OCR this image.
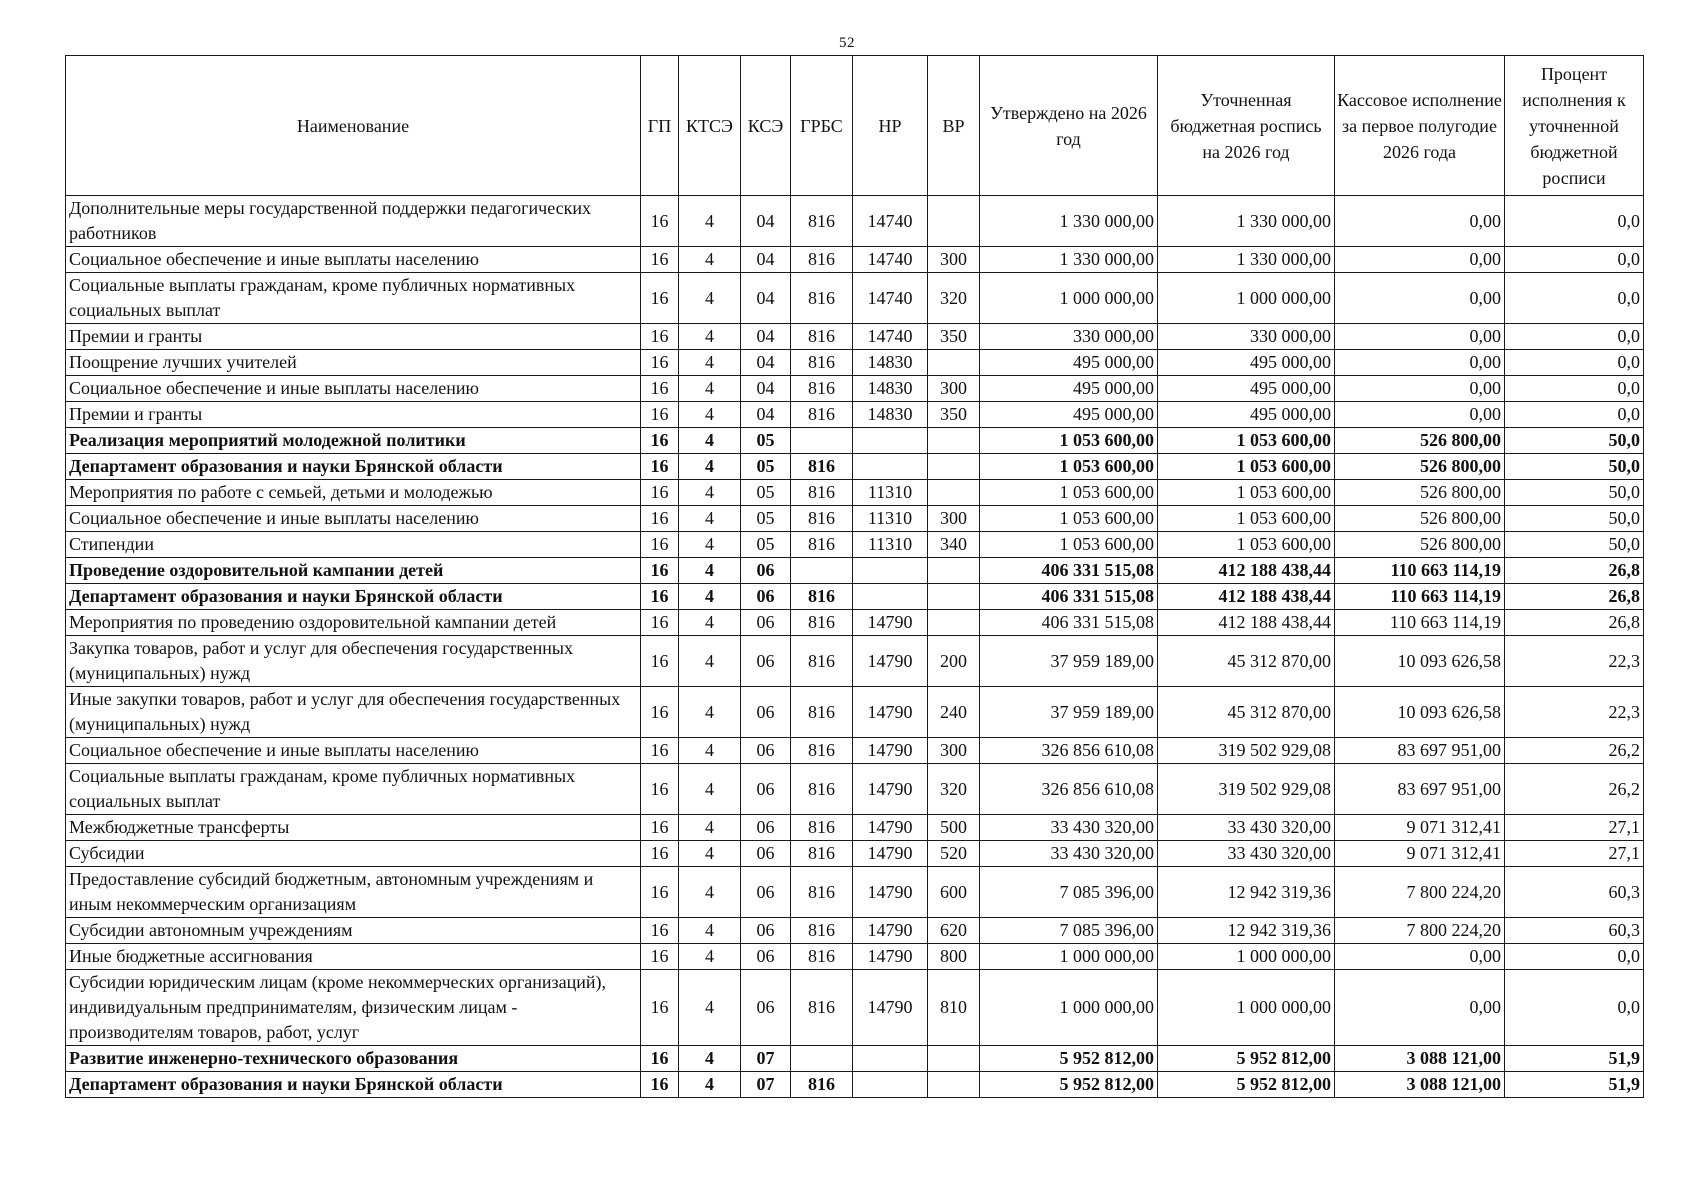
52
Наименование	ГП	КТСЭ	КСЭ	ГРБС	НР	ВР	Утверждено на 2026 год	Уточненная бюджетная роспись на 2026 год	Кассовое исполнение за первое полугодие 2026 года	Процент исполнения к уточненной бюджетной росписи
Дополнительные меры государственной поддержки педагогических работников	16	4	04	816	14740		1 330 000,00	1 330 000,00	0,00	0,0
Социальное обеспечение и иные выплаты населению	16	4	04	816	14740	300	1 330 000,00	1 330 000,00	0,00	0,0
Социальные выплаты гражданам, кроме публичных нормативных социальных выплат	16	4	04	816	14740	320	1 000 000,00	1 000 000,00	0,00	0,0
Премии и гранты	16	4	04	816	14740	350	330 000,00	330 000,00	0,00	0,0
Поощрение лучших учителей	16	4	04	816	14830		495 000,00	495 000,00	0,00	0,0
Социальное обеспечение и иные выплаты населению	16	4	04	816	14830	300	495 000,00	495 000,00	0,00	0,0
Премии и гранты	16	4	04	816	14830	350	495 000,00	495 000,00	0,00	0,0
Реализация мероприятий молодежной политики	16	4	05				1 053 600,00	1 053 600,00	526 800,00	50,0
Департамент образования и науки Брянской области	16	4	05	816			1 053 600,00	1 053 600,00	526 800,00	50,0
Мероприятия по работе с семьей, детьми и молодежью	16	4	05	816	11310		1 053 600,00	1 053 600,00	526 800,00	50,0
Социальное обеспечение и иные выплаты населению	16	4	05	816	11310	300	1 053 600,00	1 053 600,00	526 800,00	50,0
Стипендии	16	4	05	816	11310	340	1 053 600,00	1 053 600,00	526 800,00	50,0
Проведение оздоровительной кампании детей	16	4	06				406 331 515,08	412 188 438,44	110 663 114,19	26,8
Департамент образования и науки Брянской области	16	4	06	816			406 331 515,08	412 188 438,44	110 663 114,19	26,8
Мероприятия по проведению оздоровительной кампании детей	16	4	06	816	14790		406 331 515,08	412 188 438,44	110 663 114,19	26,8
Закупка товаров, работ и услуг для обеспечения государственных (муниципальных) нужд	16	4	06	816	14790	200	37 959 189,00	45 312 870,00	10 093 626,58	22,3
Иные закупки товаров, работ и услуг для обеспечения государственных (муниципальных) нужд	16	4	06	816	14790	240	37 959 189,00	45 312 870,00	10 093 626,58	22,3
Социальное обеспечение и иные выплаты населению	16	4	06	816	14790	300	326 856 610,08	319 502 929,08	83 697 951,00	26,2
Социальные выплаты гражданам, кроме публичных нормативных социальных выплат	16	4	06	816	14790	320	326 856 610,08	319 502 929,08	83 697 951,00	26,2
Межбюджетные трансферты	16	4	06	816	14790	500	33 430 320,00	33 430 320,00	9 071 312,41	27,1
Субсидии	16	4	06	816	14790	520	33 430 320,00	33 430 320,00	9 071 312,41	27,1
Предоставление субсидий бюджетным, автономным учреждениям и иным некоммерческим организациям	16	4	06	816	14790	600	7 085 396,00	12 942 319,36	7 800 224,20	60,3
Субсидии автономным учреждениям	16	4	06	816	14790	620	7 085 396,00	12 942 319,36	7 800 224,20	60,3
Иные бюджетные ассигнования	16	4	06	816	14790	800	1 000 000,00	1 000 000,00	0,00	0,0
Субсидии юридическим лицам (кроме некоммерческих организаций), индивидуальным предпринимателям, физическим лицам - производителям товаров, работ, услуг	16	4	06	816	14790	810	1 000 000,00	1 000 000,00	0,00	0,0
Развитие инженерно-технического образования	16	4	07				5 952 812,00	5 952 812,00	3 088 121,00	51,9
Департамент образования и науки Брянской области	16	4	07	816			5 952 812,00	5 952 812,00	3 088 121,00	51,9
